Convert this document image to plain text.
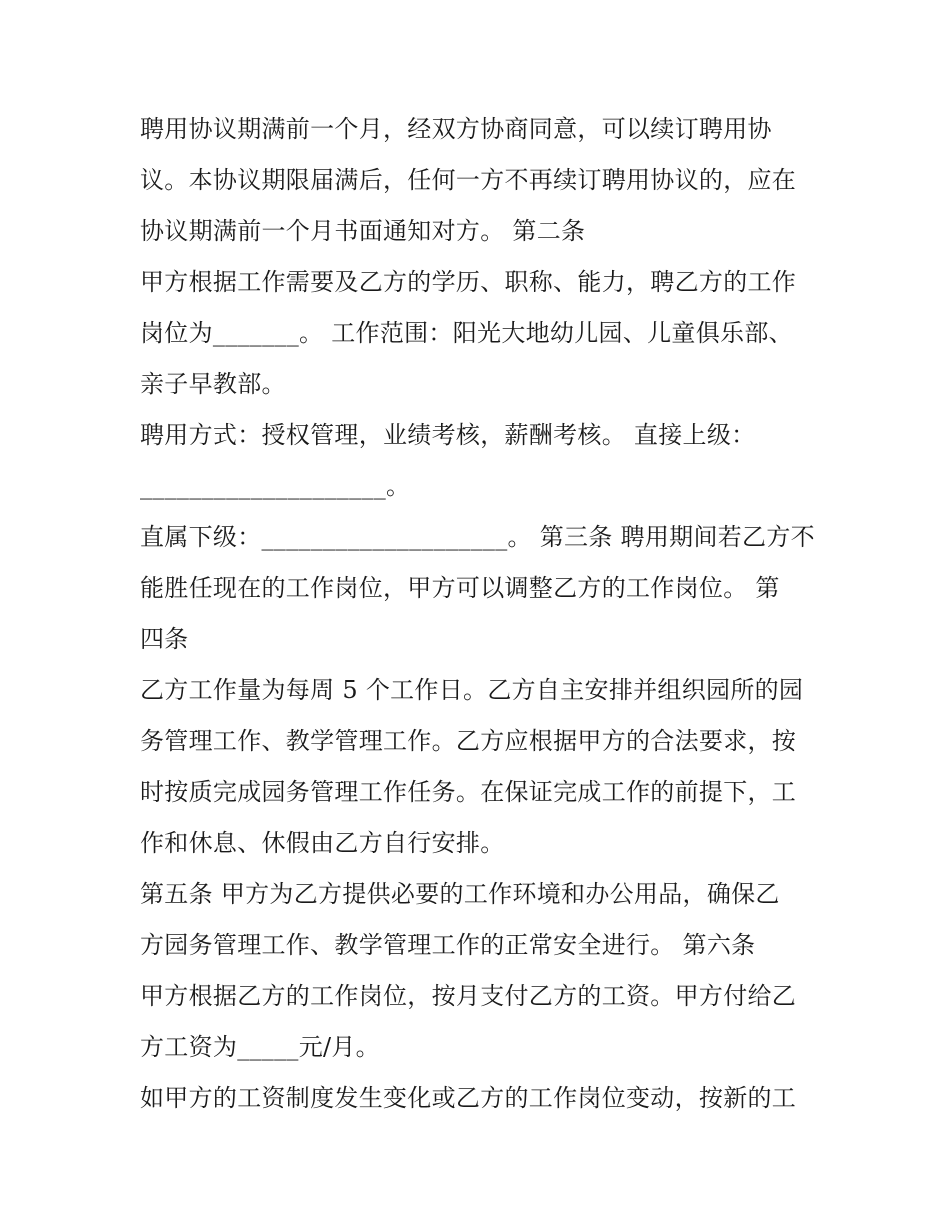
聘用协议期满前一个月，经双方协商同意，可以续订聘用协
议。本协议期限届满后，任何一方不再续订聘用协议的，应在
协议期满前一个月书面通知对方。 第二条
甲方根据工作需要及乙方的学历、职称、能力，聘乙方的工作
岗位为_______。 工作范围：阳光大地幼儿园、儿童俱乐部、
亲子早教部。
聘用方式：授权管理，业绩考核，薪酬考核。 直接上级：
____________________。
直属下级：____________________。 第三条 聘用期间若乙方不
能胜任现在的工作岗位，甲方可以调整乙方的工作岗位。 第
四条
乙方工作量为每周 5 个工作日。乙方自主安排并组织园所的园
务管理工作、教学管理工作。乙方应根据甲方的合法要求，按
时按质完成园务管理工作任务。在保证完成工作的前提下，工
作和休息、休假由乙方自行安排。
第五条 甲方为乙方提供必要的工作环境和办公用品，确保乙
方园务管理工作、教学管理工作的正常安全进行。 第六条
甲方根据乙方的工作岗位，按月支付乙方的工资。甲方付给乙
方工资为_____元/月。
如甲方的工资制度发生变化或乙方的工作岗位变动，按新的工
